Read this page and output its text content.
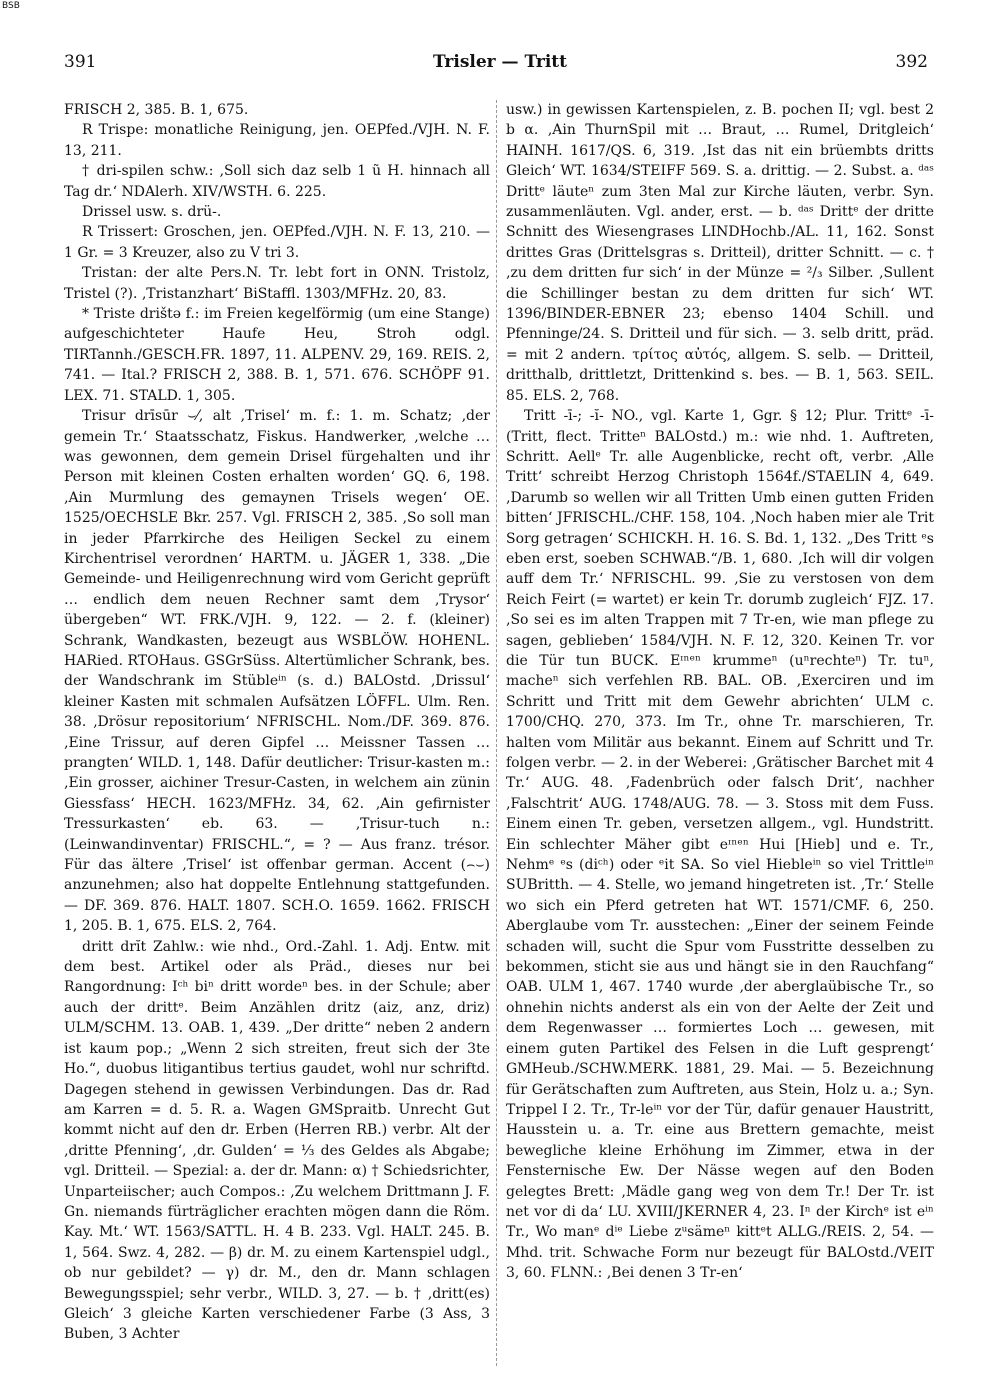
BSB
391	Trisler — Tritt	392

FRISCH 2, 385. B. 1, 675.

R Trispe: monatliche Reinigung, jen. OEPfed./VJH. N. F. 13, 211.

† dri-spilen schw.: ‚Soll sich daz selb 1 ũ H. hinnach all Tag dr.‘ NDAlerh. XIV/WSTH. 6. 225.

Drissel usw. s. drü-.

R Trissert: Groschen, jen. OEPfed./VJH. N. F. 13, 210. — 1 Gr. = 3 Kreuzer, also zu V tri 3.

Tristan: der alte Pers.N. Tr. lebt fort in ONN. Tristolz, Tristel (?). ‚Tristanzhart‘ BiStaffl. 1303/MFHz. 20, 83.

* Triste drištə f.: im Freien kegelförmig (um eine Stange) aufgeschichteter Haufe Heu, Stroh odgl. TIRTannh./GESCH.FR. 1897, 11. ALPENV. 29, 169. REIS. 2, 741. — Ital.? FRISCH 2, 388. B. 1, 571. 676. SCHÖPF 91. LEX. 71. STALD. 1, 305.

Trisur drīsūr ⌣⁄, alt ‚Trisel‘ m. f.: 1. m. Schatz; ‚der gemein Tr.‘ Staatsschatz, Fiskus. Handwerker, ‚welche … was gewonnen, dem gemein Drisel fürgehalten und ihr Person mit kleinen Costen erhalten worden‘ GQ. 6, 198. ‚Ain Murmlung des gemaynen Trisels wegen‘ OE. 1525/OECHSLE Bkr. 257. Vgl. FRISCH 2, 385. ‚So soll man in jeder Pfarrkirche des Heiligen Seckel zu einem Kirchentrisel verordnen‘ HARTM. u. JÄGER 1, 338. „Die Gemeinde- und Heiligenrechnung wird vom Gericht geprüft … endlich dem neuen Rechner samt dem ‚Trysor‘ übergeben“ WT. FRK./VJH. 9, 122. — 2. f. (kleiner) Schrank, Wandkasten, bezeugt aus WSBLÖW. HOHENL. HARied. RTOHaus. GSGrSüss. Altertümlicher Schrank, bes. der Wandschrank im Stübleⁱⁿ (s. d.) BALOstd. ‚Drissul‘ kleiner Kasten mit schmalen Aufsätzen LÖFFL. Ulm. Ren. 38. ‚Drösur repositorium‘ NFRISCHL. Nom./DF. 369. 876. ‚Eine Trissur, auf deren Gipfel … Meissner Tassen … prangten‘ WILD. 1, 148. Dafür deutlicher: Trisur-kasten m.: ‚Ein grosser, aichiner Tresur-Casten, in welchem ain zünin Giessfass‘ HECH. 1623/MFHz. 34, 62. ‚Ain gefirnister Tressurkasten‘ eb. 63. — ‚Trisur-tuch n.: (Leinwandinventar) FRISCHL.“, = ? — Aus franz. trésor. Für das ältere ‚Trisel‘ ist offenbar german. Accent (⌢⌣) anzunehmen; also hat doppelte Entlehnung stattgefunden. — DF. 369. 876. HALT. 1807. SCH.O. 1659. 1662. FRISCH 1, 205. B. 1, 675. ELS. 2, 764.

dritt drĭt Zahlw.: wie nhd., Ord.-Zahl. 1. Adj. Entw. mit dem best. Artikel oder als Präd., dieses nur bei Rangordnung: Iᶜʰ biⁿ dritt wordeⁿ bes. in der Schule; aber auch der drittᵉ. Beim Anzählen dritz (aiz, anz, driz) ULM/SCHM. 13. OAB. 1, 439. „Der dritte“ neben 2 andern ist kaum pop.; „Wenn 2 sich streiten, freut sich der 3te Ho.“, duobus litigantibus tertius gaudet, wohl nur schriftd. Dagegen stehend in gewissen Verbindungen. Das dr. Rad am Karren = d. 5. R. a. Wagen GMSpraitb. Unrecht Gut kommt nicht auf den dr. Erben (Herren RB.) verbr. Alt der ‚dritte Pfenning‘, ‚dr. Gulden‘ = ⅓ des Geldes als Abgabe; vgl. Dritteil. — Spezial: a. der dr. Mann: α) † Schiedsrichter, Unparteiischer; auch Compos.: ‚Zu welchem Drittmann J. F. Gn. niemands fürträglicher erachten mögen dann die Röm. Kay. Mt.‘ WT. 1563/SATTL. H. 4 B. 233. Vgl. HALT. 245. B. 1, 564. Swz. 4, 282. — β) dr. M. zu einem Kartenspiel udgl., ob nur gebildet? — γ) dr. M., den dr. Mann schlagen Bewegungsspiel; sehr verbr., WILD. 3, 27. — b. † ‚dritt(es) Gleich‘ 3 gleiche Karten verschiedener Farbe (3 Ass, 3 Buben, 3 Achter

usw.) in gewissen Kartenspielen, z. B. pochen II; vgl. best 2 b α. ‚Ain ThurnSpil mit … Braut, … Rumel, Dritgleich‘ HAINH. 1617/QS. 6, 319. ‚Ist das nit ein brüembts dritts Gleich‘ WT. 1634/STEIFF 569. S. a. drittig. — 2. Subst. a. ᵈᵃˢ Drittᵉ läuteⁿ zum 3ten Mal zur Kirche läuten, verbr. Syn. zusammenläuten. Vgl. ander, erst. — b. ᵈᵃˢ Drittᵉ der dritte Schnitt des Wiesengrases LINDHochb./AL. 11, 162. Sonst drittes Gras (Drittelsgras s. Dritteil), dritter Schnitt. — c. † ‚zu dem dritten fur sich‘ in der Münze = ²/₃ Silber. ‚Sullent die Schillinger bestan zu dem dritten fur sich‘ WT. 1396/BINDER-EBNER 23; ebenso 1404 Schill. und Pfenninge/24. S. Dritteil und für sich. — 3. selb dritt, präd. = mit 2 andern. τρίτος αὐτός, allgem. S. selb. — Dritteil, dritthalb, drittletzt, Drittenkind s. bes. — B. 1, 563. SEIL. 85. ELS. 2, 768.

Tritt -ī-; -ĭ- NO., vgl. Karte 1, Ggr. § 12; Plur. Trittᵉ -ī- (Tritt, flect. Tritteⁿ BALOstd.) m.: wie nhd. 1. Auftreten, Schritt. Aellᵉ Tr. alle Augenblicke, recht oft, verbr. ‚Alle Tritt‘ schreibt Herzog Christoph 1564f./STAELIN 4, 649. ‚Darumb so wellen wir all Tritten Umb einen gutten Friden bitten‘ JFRISCHL./CHF. 158, 104. ‚Noch haben mier ale Trit Sorg getragen‘ SCHICKH. H. 16. S. Bd. 1, 132. „Des Tritt ᵉs eben erst, soeben SCHWAB.“/B. 1, 680. ‚Ich will dir volgen auff dem Tr.‘ NFRISCHL. 99. ‚Sie zu verstosen von dem Reich Feirt (= wartet) er kein Tr. dorumb zugleich‘ FJZ. 17. ‚So sei es im alten Trappen mit 7 Tr-en, wie man pflege zu sagen, geblieben‘ 1584/VJH. N. F. 12, 320. Keinen Tr. vor die Tür tun BUCK. Eᶦⁿᵉⁿ krummeⁿ (uⁿrechteⁿ) Tr. tuⁿ, macheⁿ sich verfehlen RB. BAL. OB. ‚Exerciren und im Schritt und Tritt mit dem Gewehr abrichten‘ ULM c. 1700/CHQ. 270, 373. Im Tr., ohne Tr. marschieren, Tr. halten vom Militär aus bekannt. Einem auf Schritt und Tr. folgen verbr. — 2. in der Weberei: ‚Grätischer Barchet mit 4 Tr.‘ AUG. 48. ‚Fadenbrüch oder falsch Drit‘, nachher ‚Falschtrit‘ AUG. 1748/AUG. 78. — 3. Stoss mit dem Fuss. Einem einen Tr. geben, versetzen allgem., vgl. Hundstritt. Ein schlechter Mäher gibt eᶦⁿᵉⁿ Hui [Hieb] und e. Tr., Nehmᵉ ᵉs (diᶜʰ) oder ᵉit SA. So viel Hiebleⁱⁿ so viel Trittleⁱⁿ SUBritth. — 4. Stelle, wo jemand hingetreten ist. ‚Tr.‘ Stelle wo sich ein Pferd getreten hat WT. 1571/CMF. 6, 250. Aberglaube vom Tr. ausstechen: „Einer der seinem Feinde schaden will, sucht die Spur vom Fusstritte desselben zu bekommen, sticht sie aus und hängt sie in den Rauchfang“ OAB. ULM 1, 467. 1740 wurde ‚der aberglaübische Tr., so ohnehin nichts anderst als ein von der Aelte der Zeit und dem Regenwasser … formiertes Loch … gewesen, mit einem guten Partikel des Felsen in die Luft gesprengt‘ GMHeub./SCHW.MERK. 1881, 29. Mai. — 5. Bezeichnung für Gerätschaften zum Auftreten, aus Stein, Holz u. a.; Syn. Trippel I 2. Tr., Tr-leⁱⁿ vor der Tür, dafür genauer Haustritt, Hausstein u. a. Tr. eine aus Brettern gemachte, meist bewegliche kleine Erhöhung im Zimmer, etwa in der Fensternische Ew. Der Nässe wegen auf den Boden gelegtes Brett: ‚Mädle gang weg von dem Tr.! Der Tr. ist net vor di da‘ LU. XVIII/JKERNER 4, 23. Iⁿ der Kirchᵉ ist eⁱⁿ Tr., Wo manᵉ dⁱᵉ Liebe zᵘsämeⁿ kittᵉt ALLG./REIS. 2, 54. — Mhd. trit. Schwache Form nur bezeugt für BALOstd./VEIT 3, 60. FLNN.: ‚Bei denen 3 Tr-en‘
